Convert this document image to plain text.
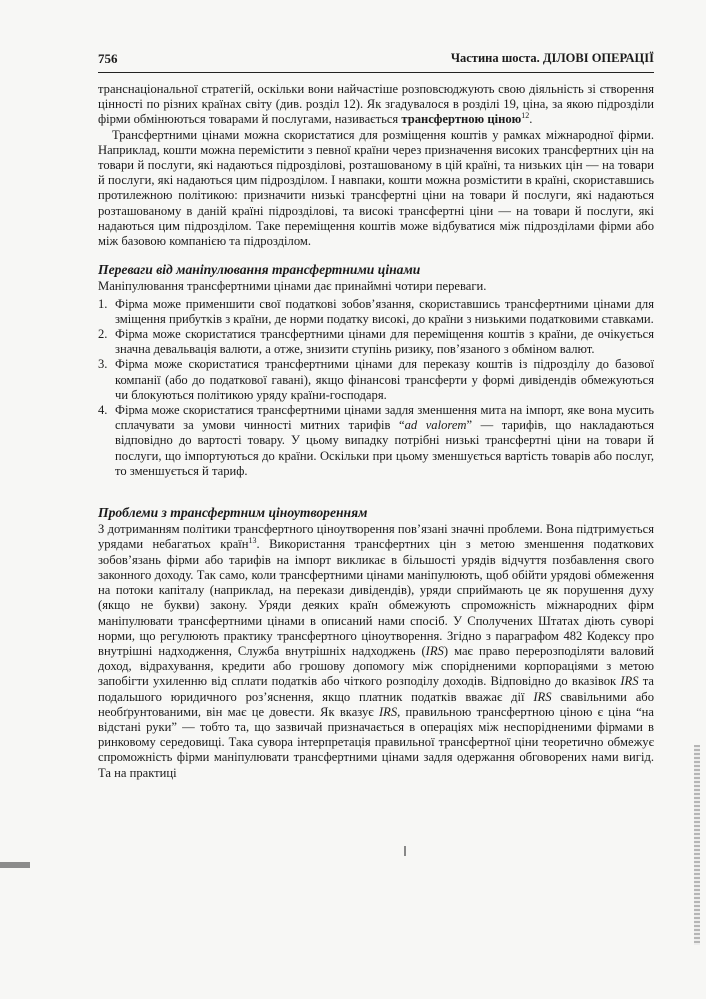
756	Частина шоста. ДІЛОВІ ОПЕРАЦІЇ

транснаціональної стратегій, оскільки вони найчастіше розповсюджують свою діяльність зі створення цінності по різних країнах світу (див. розділ 12). Як згадувалося в розділі 19, ціна, за якою підрозділи фірми обмінюються товарами й послугами, називається трансфертною ціною$^{12}$.

Трансфертними цінами можна скористатися для розміщення коштів у рамках міжнародної фірми. Наприклад, кошти можна перемістити з певної країни через призначення високих трансфертних цін на товари й послуги, які надаються підрозділові, розташованому в цій країні, та низьких цін — на товари й послуги, які надаються цим підрозділом. І навпаки, кошти можна розмістити в країні, скориставшись протилежною політикою: призначити низькі трансфертні ціни на товари й послуги, які надаються розташованому в даній країні підрозділові, та високі трансфертні ціни — на товари й послуги, які надаються цим підрозділом. Таке переміщення коштів може відбуватися між підрозділами фірми або між базовою компанією та підрозділом.

Переваги від маніпулювання трансфертними цінами

Маніпулювання трансфертними цінами дає принаймні чотири переваги.

1. Фірма може применшити свої податкові зобов’язання, скориставшись трансфертними цінами для зміщення прибутків з країни, де норми податку високі, до країни з низькими податковими ставками.
2. Фірма може скористатися трансфертними цінами для переміщення коштів з країни, де очікується значна девальвація валюти, а отже, знизити ступінь ризику, пов’язаного з обміном валют.
3. Фірма може скористатися трансфертними цінами для переказу коштів із підрозділу до базової компанії (або до податкової гавані), якщо фінансові трансферти у формі дивідендів обмежуються чи блокуються політикою уряду країни-господаря.
4. Фірма може скористатися трансфертними цінами задля зменшення мита на імпорт, яке вона мусить сплачувати за умови чинності митних тарифів “ad valorem” — тарифів, що накладаються відповідно до вартості товару. У цьому випадку потрібні низькі трансфертні ціни на товари й послуги, що імпортуються до країни. Оскільки при цьому зменшується вартість товарів або послуг, то зменшується й тариф.
Проблеми з трансфертним ціноутворенням

З дотриманням політики трансфертного ціноутворення пов’язані значні проблеми. Вона підтримується урядами небагатьох країн$^{13}$. Використання трансфертних цін з метою зменшення податкових зобов’язань фірми або тарифів на імпорт викликає в більшості урядів відчуття позбавлення свого законного доходу. Так само, коли трансфертними цінами маніпулюють, щоб обійти урядові обмеження на потоки капіталу (наприклад, на перекази дивідендів), уряди сприймають це як порушення духу (якщо не букви) закону. Уряди деяких країн обмежують спроможність міжнародних фірм маніпулювати трансфертними цінами в описаний нами спосіб. У Сполучених Штатах діють суворі норми, що регулюють практику трансфертного ціноутворення. Згідно з параграфом 482 Кодексу про внутрішні надходження, Служба внутрішніх надходжень (IRS) має право перерозподіляти валовий доход, відрахування, кредити або грошову допомогу між спорідненими корпораціями з метою запобігти ухиленню від сплати податків або чіткого розподілу доходів. Відповідно до вказівок IRS та подальшого юридичного роз’яснення, якщо платник податків вважає дії IRS свавільними або необґрунтованими, він має це довести. Як вказує IRS, правильною трансфертною ціною є ціна “на відстані руки” — тобто та, що зазвичай призначається в операціях між неспорідненими фірмами в ринковому середовищі. Така сувора інтерпретація правильної трансфертної ціни теоретично обмежує спроможність фірми маніпулювати трансфертними цінами задля одержання обговорених нами вигід. Та на практиці
